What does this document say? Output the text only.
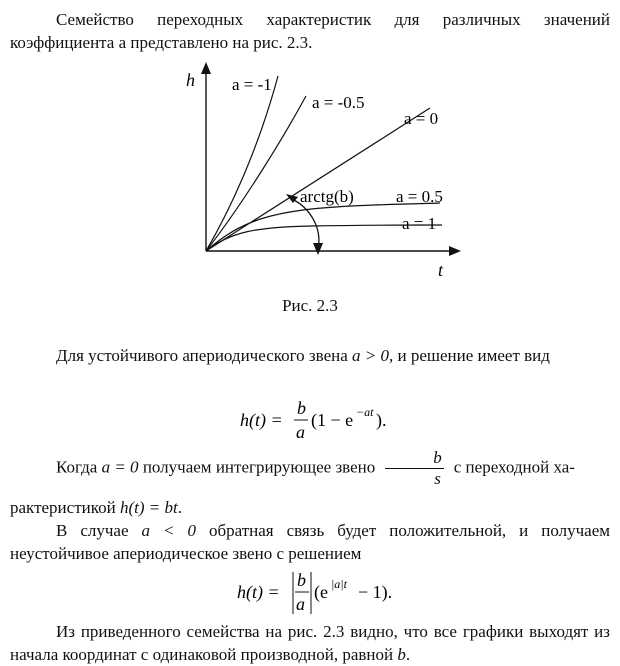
Семейство переходных характеристик для различных значений коэффициента a представлено на рис. 2.3.
h
t
a = -1
a = -0.5
a = 0
arctg(b) a = 0.5
a = 1
Рис. 2.3
Для устойчивого апериодического звена a > 0, и решение имеет вид
h(t) =
b
a
(1 − e −at ).
Когда a = 0 получаем интегрирующее звено $\frac{b}{s}$ с переходной ха-
рактеристикой h(t) = bt.
В случае a < 0 обратная связь будет положительной, и получаем неустойчивое апериодическое звено с решением
h(t) =
b
a
(e |a|t − 1).
Из приведенного семейства на рис. 2.3 видно, что все графики выходят из начала координат с одинаковой производной, равной b.
